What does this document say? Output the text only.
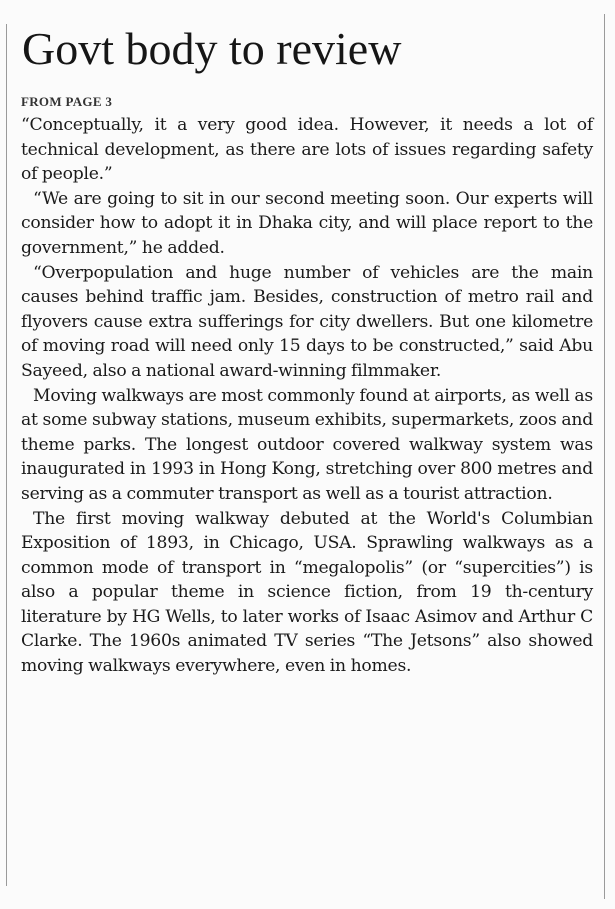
Govt body to review
FROM PAGE 3

“Conceptually, it a very good idea. However, it needs a lot of technical development, as there are lots of issues regarding safety of people.”

“We are going to sit in our second meeting soon. Our experts will consider how to adopt it in Dhaka city, and will place report to the government,” he added.

“Overpopulation and huge number of vehicles are the main causes behind traffic jam. Besides, construction of metro rail and flyovers cause extra sufferings for city dwellers. But one kilometre of moving road will need only 15 days to be constructed,” said Abu Sayeed, also a national award-winning filmmaker.

Moving walkways are most commonly found at airports, as well as at some subway stations, museum exhibits, supermarkets, zoos and theme parks. The longest outdoor covered walkway system was inaugurated in 1993 in Hong Kong, stretching over 800 metres and serving as a commuter transport as well as a tourist attraction.

The first moving walkway debuted at the World's Columbian Exposition of 1893, in Chicago, USA. Sprawling walkways as a common mode of transport in “megalopolis” (or “supercities”) is also a popular theme in science fiction, from 19 th-century literature by HG Wells, to later works of Isaac Asimov and Arthur C Clarke. The 1960s animated TV series “The Jetsons” also showed moving walkways everywhere, even in homes.
